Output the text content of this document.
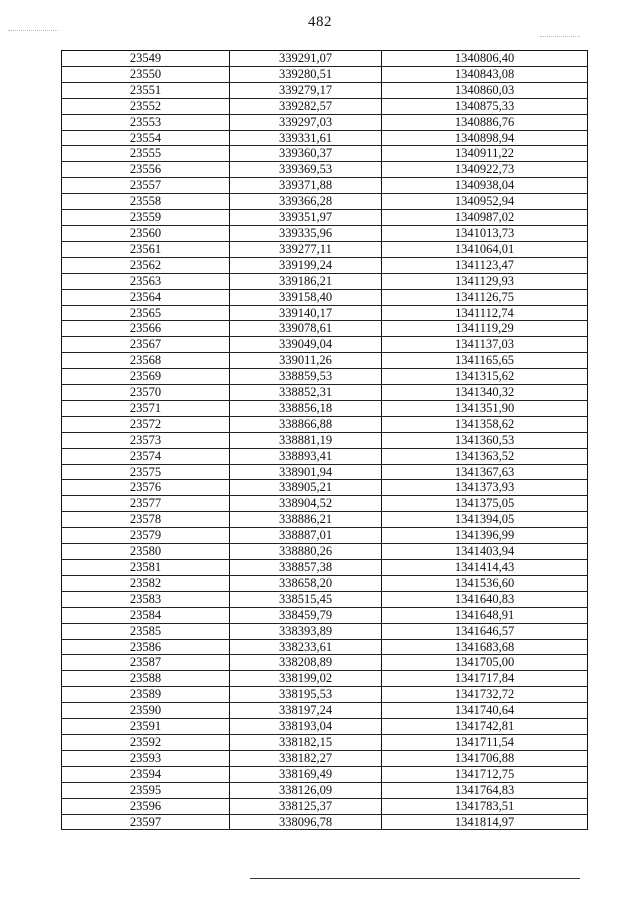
482
23549	339291,07	1340806,40
23550	339280,51	1340843,08
23551	339279,17	1340860,03
23552	339282,57	1340875,33
23553	339297,03	1340886,76
23554	339331,61	1340898,94
23555	339360,37	1340911,22
23556	339369,53	1340922,73
23557	339371,88	1340938,04
23558	339366,28	1340952,94
23559	339351,97	1340987,02
23560	339335,96	1341013,73
23561	339277,11	1341064,01
23562	339199,24	1341123,47
23563	339186,21	1341129,93
23564	339158,40	1341126,75
23565	339140,17	1341112,74
23566	339078,61	1341119,29
23567	339049,04	1341137,03
23568	339011,26	1341165,65
23569	338859,53	1341315,62
23570	338852,31	1341340,32
23571	338856,18	1341351,90
23572	338866,88	1341358,62
23573	338881,19	1341360,53
23574	338893,41	1341363,52
23575	338901,94	1341367,63
23576	338905,21	1341373,93
23577	338904,52	1341375,05
23578	338886,21	1341394,05
23579	338887,01	1341396,99
23580	338880,26	1341403,94
23581	338857,38	1341414,43
23582	338658,20	1341536,60
23583	338515,45	1341640,83
23584	338459,79	1341648,91
23585	338393,89	1341646,57
23586	338233,61	1341683,68
23587	338208,89	1341705,00
23588	338199,02	1341717,84
23589	338195,53	1341732,72
23590	338197,24	1341740,64
23591	338193,04	1341742,81
23592	338182,15	1341711,54
23593	338182,27	1341706,88
23594	338169,49	1341712,75
23595	338126,09	1341764,83
23596	338125,37	1341783,51
23597	338096,78	1341814,97
